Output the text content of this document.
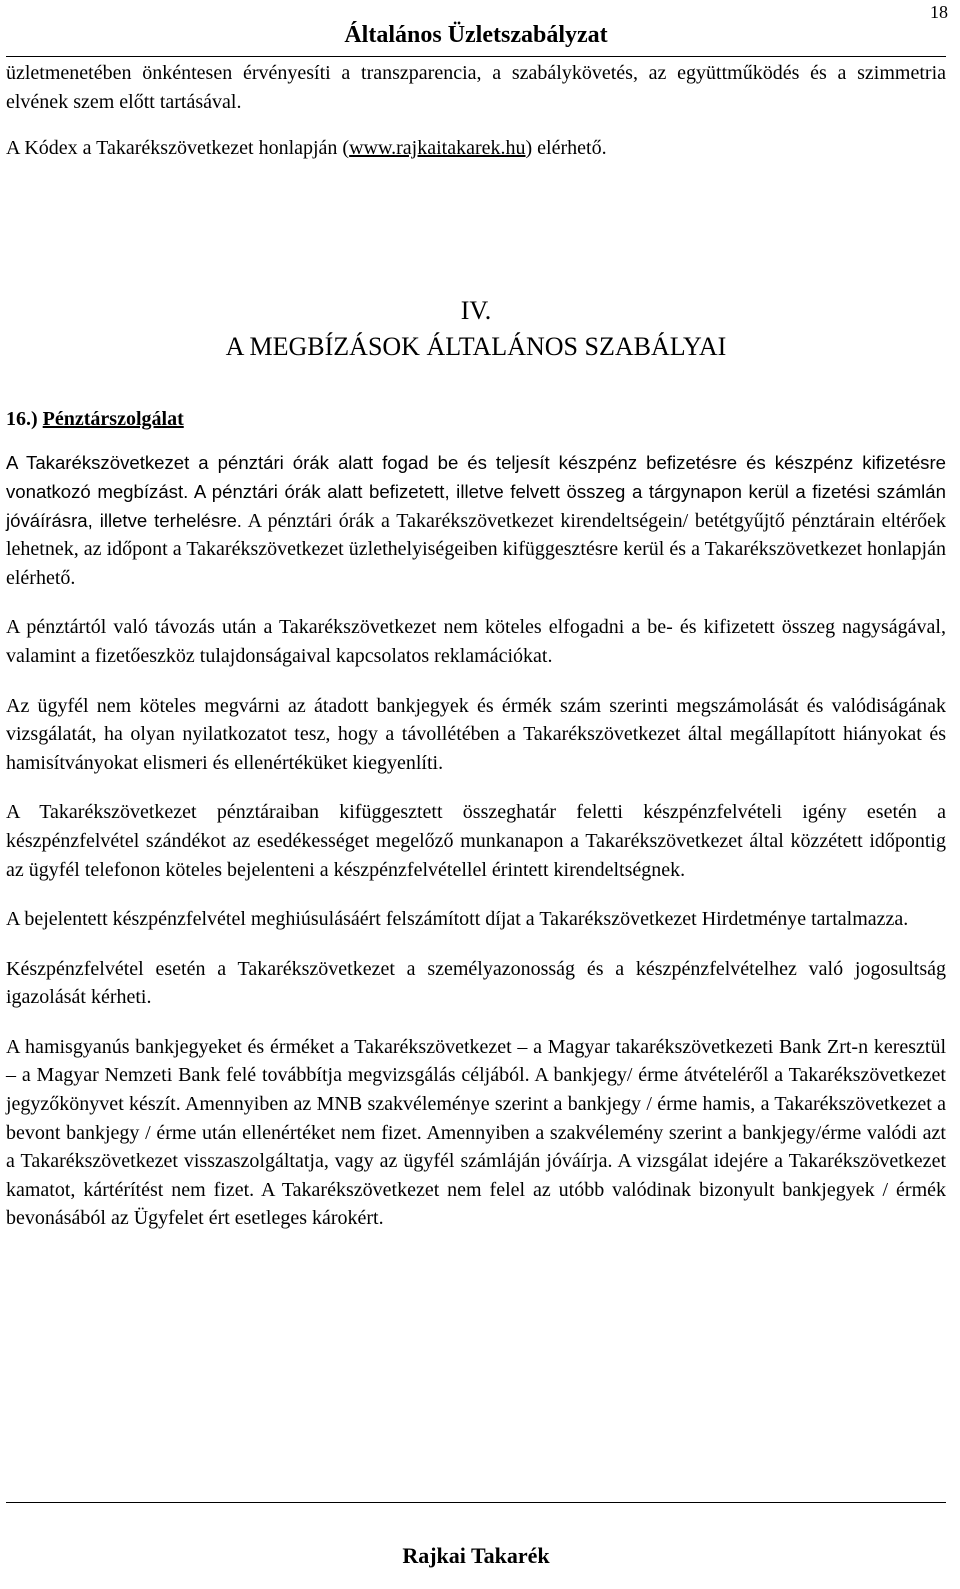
Általános Üzletszabályzat
18

üzletmenetében önkéntesen érvényesíti a transzparencia, a szabálykövetés, az együttműködés és a szimmetria elvének szem előtt tartásával.

A Kódex a Takarékszövetkezet honlapján (www.rajkaitakarek.hu) elérhető.

IV.
A MEGBÍZÁSOK ÁLTALÁNOS SZABÁLYAI

16.) Pénztárszolgálat

A Takarékszövetkezet a pénztári órák alatt fogad be és teljesít készpénz befizetésre és készpénz kifizetésre vonatkozó megbízást. A pénztári órák alatt befizetett, illetve felvett összeg a tárgynapon kerül a fizetési számlán jóváírásra, illetve terhelésre. A pénztári órák a Takarékszövetkezet kirendeltségein/ betétgyűjtő pénztárain eltérőek lehetnek, az időpont a Takarékszövetkezet üzlethelyiségeiben kifüggesztésre kerül és a Takarékszövetkezet honlapján elérhető.

A pénztártól való távozás után a Takarékszövetkezet nem köteles elfogadni a be- és kifizetett összeg nagyságával, valamint a fizetőeszköz tulajdonságaival kapcsolatos reklamációkat.

Az ügyfél nem köteles megvárni az átadott bankjegyek és érmék szám szerinti megszámolását és valódiságának vizsgálatát, ha olyan nyilatkozatot tesz, hogy a távollétében a Takarékszövetkezet által megállapított hiányokat és hamisítványokat elismeri és ellenértéküket kiegyenlíti.

A Takarékszövetkezet pénztáraiban kifüggesztett összeghatár feletti készpénzfelvételi igény esetén a készpénzfelvétel szándékot az esedékességet megelőző munkanapon a Takarékszövetkezet által közzétett időpontig az ügyfél telefonon köteles bejelenteni a készpénzfelvétellel érintett kirendeltségnek.

A bejelentett készpénzfelvétel meghiúsulásáért felszámított díjat a Takarékszövetkezet Hirdetménye tartalmazza.

Készpénzfelvétel esetén a Takarékszövetkezet a személyazonosság és a készpénzfelvételhez való jogosultság igazolását kérheti.

A hamisgyanús bankjegyeket és érméket a Takarékszövetkezet – a Magyar takarékszövetkezeti Bank Zrt-n keresztül – a Magyar Nemzeti Bank felé továbbítja megvizsgálás céljából. A bankjegy/ érme átvételéről a Takarékszövetkezet jegyzőkönyvet készít. Amennyiben az MNB szakvéleménye szerint a bankjegy / érme hamis, a Takarékszövetkezet a bevont bankjegy / érme után ellenértéket nem fizet. Amennyiben a szakvélemény szerint a bankjegy/érme valódi azt a Takarékszövetkezet visszaszolgáltatja, vagy az ügyfél számláján jóváírja. A vizsgálat idejére a Takarékszövetkezet kamatot, kártérítést nem fizet. A Takarékszövetkezet nem felel az utóbb valódinak bizonyult bankjegyek / érmék bevonásából az Ügyfelet ért esetleges károkért.

Rajkai Takarék
